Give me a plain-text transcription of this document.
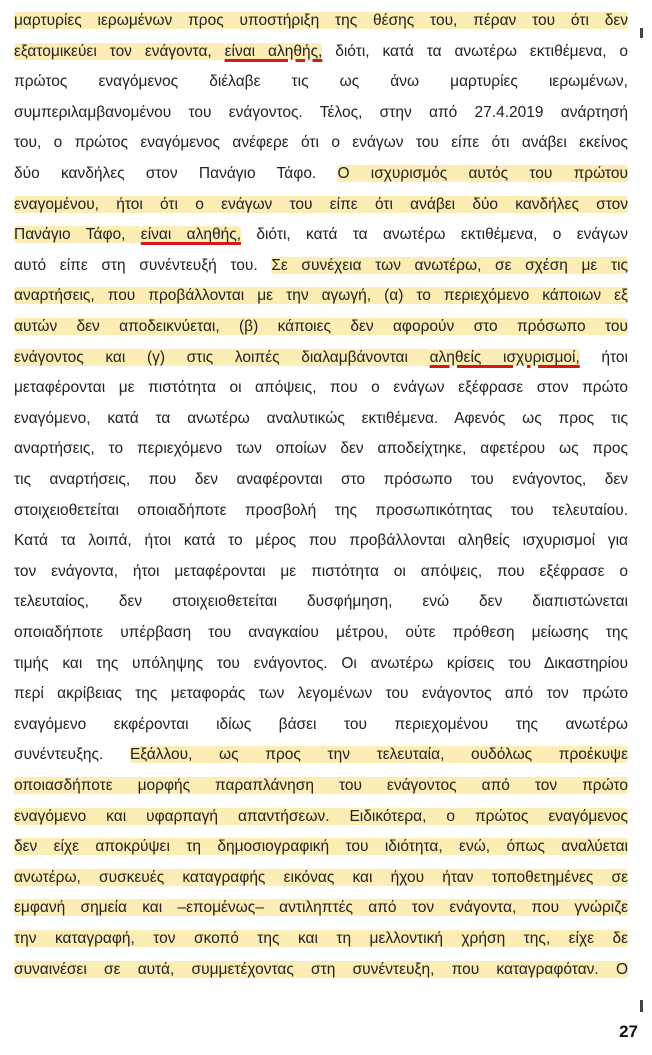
μαρτυρίες ιερωμένων προς υποστήριξη της θέσης του, πέραν του ότι δεν
εξατομικεύει τον ενάγοντα, είναι αληθής, διότι, κατά τα ανωτέρω εκτιθέμενα, ο
πρώτος εναγόμενος διέλαβε τις ως άνω μαρτυρίες ιερωμένων,
συμπεριλαμβανομένου του ενάγοντος. Τέλος, στην από 27.4.2019 ανάρτησή
του, ο πρώτος εναγόμενος ανέφερε ότι ο ενάγων του είπε ότι ανάβει εκείνος
δύο κανδήλες στον Πανάγιο Τάφο. Ο ισχυρισμός αυτός του πρώτου
εναγομένου, ήτοι ότι ο ενάγων του είπε ότι ανάβει δύο κανδήλες στον
Πανάγιο Τάφο, είναι αληθής, διότι, κατά τα ανωτέρω εκτιθέμενα, ο ενάγων
αυτό είπε στη συνέντευξή του. Σε συνέχεια των ανωτέρω, σε σχέση με τις
αναρτήσεις, που προβάλλονται με την αγωγή, (α) το περιεχόμενο κάποιων εξ
αυτών δεν αποδεικνύεται, (β) κάποιες δεν αφορούν στο πρόσωπο του
ενάγοντος και (γ) στις λοιπές διαλαμβάνονται αληθείς ισχυρισμοί, ήτοι
μεταφέρονται με πιστότητα οι απόψεις, που ο ενάγων εξέφρασε στον πρώτο
εναγόμενο, κατά τα ανωτέρω αναλυτικώς εκτιθέμενα. Αφενός ως προς τις
αναρτήσεις, το περιεχόμενο των οποίων δεν αποδείχτηκε, αφετέρου ως προς
τις αναρτήσεις, που δεν αναφέρονται στο πρόσωπο του ενάγοντος, δεν
στοιχειοθετείται οποιαδήποτε προσβολή της προσωπικότητας του τελευταίου.
Κατά τα λοιπά, ήτοι κατά το μέρος που προβάλλονται αληθείς ισχυρισμοί για
τον ενάγοντα, ήτοι μεταφέρονται με πιστότητα οι απόψεις, που εξέφρασε ο
τελευταίος, δεν στοιχειοθετείται δυσφήμηση, ενώ δεν διαπιστώνεται
οποιαδήποτε υπέρβαση του αναγκαίου μέτρου, ούτε πρόθεση μείωσης της
τιμής και της υπόληψης του ενάγοντος. Οι ανωτέρω κρίσεις του Δικαστηρίου
περί ακρίβειας της μεταφοράς των λεγομένων του ενάγοντος από τον πρώτο
εναγόμενο εκφέρονται ιδίως βάσει του περιεχομένου της ανωτέρω
συνέντευξης. Εξάλλου, ως προς την τελευταία, ουδόλως προέκυψε
οποιασδήποτε μορφής παραπλάνηση του ενάγοντος από τον πρώτο
εναγόμενο και υφαρπαγή απαντήσεων. Ειδικότερα, ο πρώτος εναγόμενος
δεν είχε αποκρύψει τη δημοσιογραφική του ιδιότητα, ενώ, όπως αναλύεται
ανωτέρω, συσκευές καταγραφής εικόνας και ήχου ήταν τοποθετημένες σε
εμφανή σημεία και –επομένως– αντιληπτές από τον ενάγοντα, που γνώριζε
την καταγραφή, τον σκοπό της και τη μελλοντική χρήση της, είχε δε
συναινέσει σε αυτά, συμμετέχοντας στη συνέντευξη, που καταγραφόταν. Ο
27
